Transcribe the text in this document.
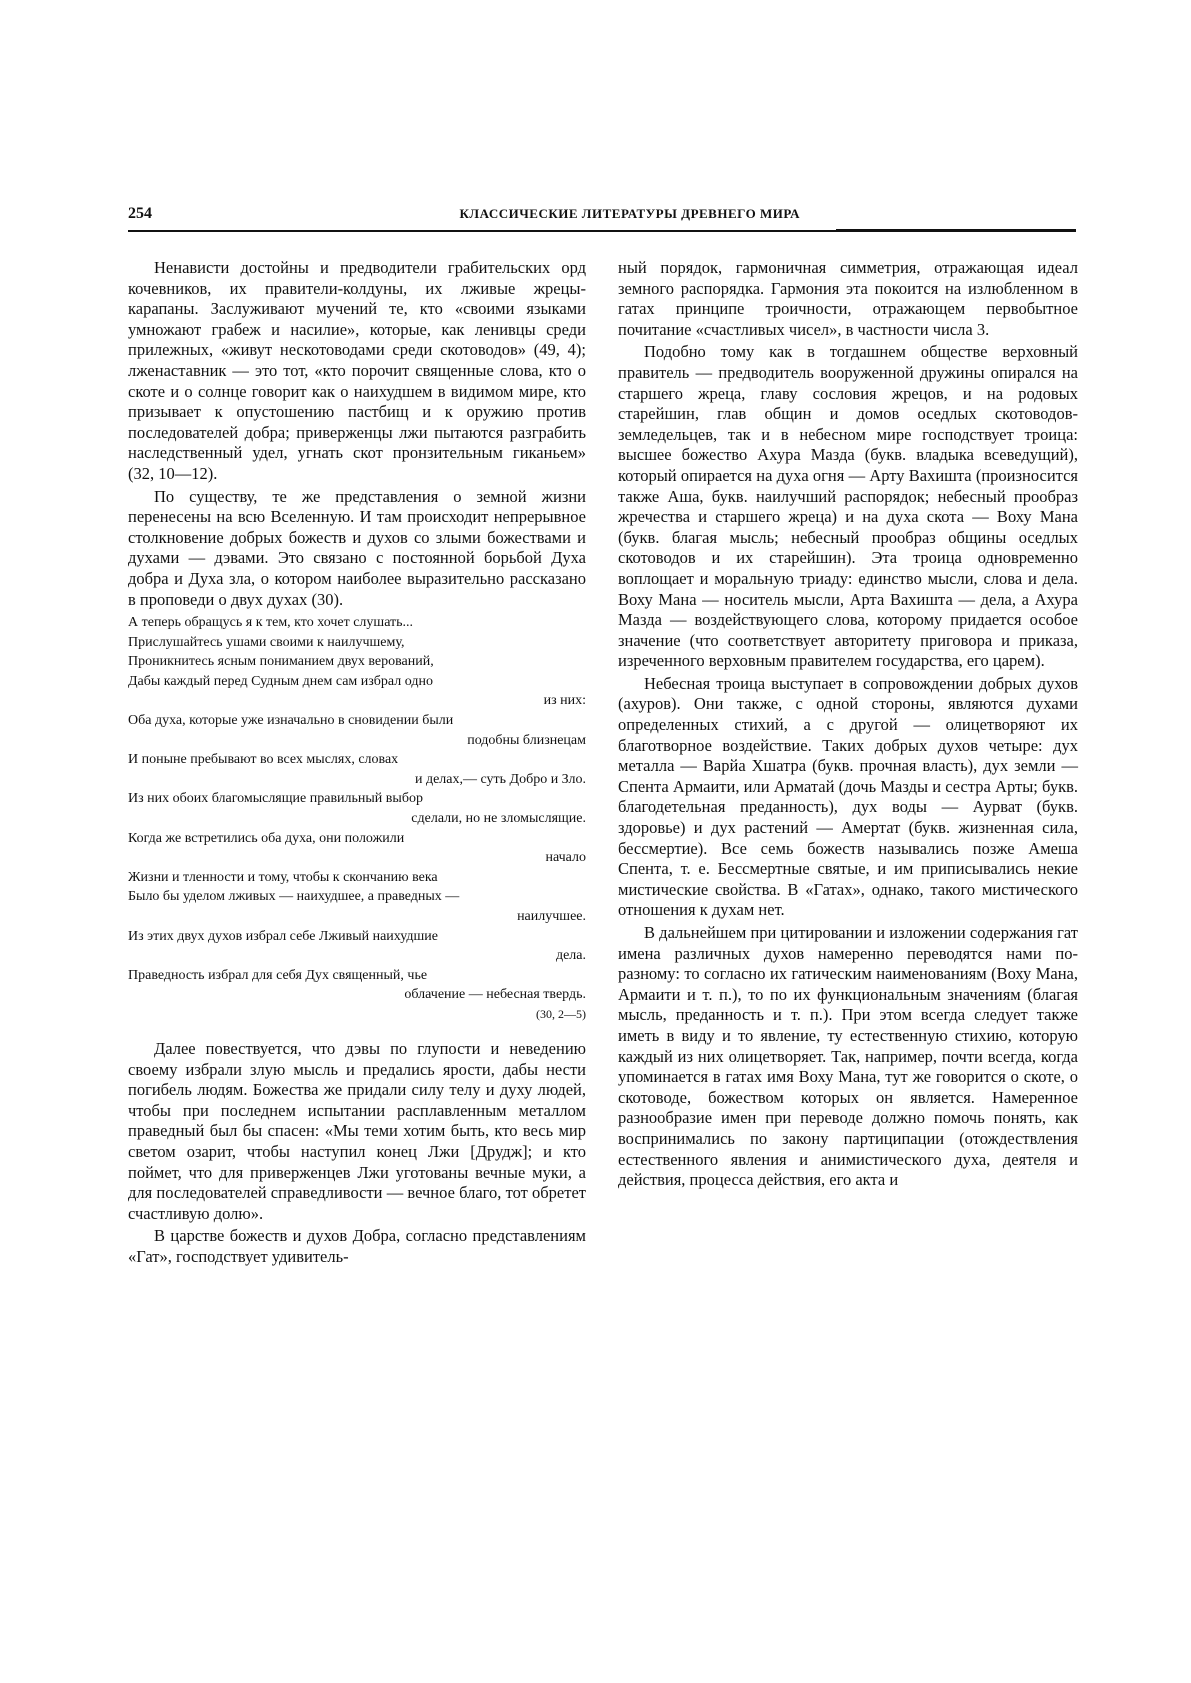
254	КЛАССИЧЕСКИЕ ЛИТЕРАТУРЫ ДРЕВНЕГО МИРА

Ненависти достойны и предводители грабительских орд кочевников, их правители-колдуны, их лживые жрецы-карапаны. Заслуживают мучений те, кто «своими языками умножают грабеж и насилие», которые, как ленивцы среди прилежных, «живут нескотоводами среди скотоводов» (49, 4); лженаставник — это тот, «кто порочит священные слова, кто о скоте и о солнце говорит как о наихудшем в видимом мире, кто призывает к опустошению пастбищ и к оружию против последователей добра; приверженцы лжи пытаются разграбить наследственный удел, угнать скот пронзительным гиканьем» (32, 10—12).

По существу, те же представления о земной жизни перенесены на всю Вселенную. И там происходит непрерывное столкновение добрых божеств и духов со злыми божествами и духами — дэвами. Это связано с постоянной борьбой Духа добра и Духа зла, о котором наиболее выразительно рассказано в проповеди о двух духах (30).

А теперь обращусь я к тем, кто хочет слушать...
Прислушайтесь ушами своими к наилучшему,
Проникнитесь ясным пониманием двух верований,
Дабы каждый перед Судным днем сам избрал одно
из них:
Оба духа, которые уже изначально в сновидении были
подобны близнецам
И поныне пребывают во всех мыслях, словах
и делах,— суть Добро и Зло.
Из них обоих благомыслящие правильный выбор
сделали, но не зломыслящие.
Когда же встретились оба духа, они положили
начало
Жизни и тленности и тому, чтобы к скончанию века
Было бы уделом лживых — наихудшее, а праведных —
наилучшее.
Из этих двух духов избрал себе Лживый наихудшие
дела.
Праведность избрал для себя Дух священный, чье
облачение — небесная твердь.
(30, 2—5)

Далее повествуется, что дэвы по глупости и неведению своему избрали злую мысль и предались ярости, дабы нести погибель людям. Божества же придали силу телу и духу людей, чтобы при последнем испытании расплавленным металлом праведный был бы спасен: «Мы теми хотим быть, кто весь мир светом озарит, чтобы наступил конец Лжи [Друдж]; и кто поймет, что для приверженцев Лжи уготованы вечные муки, а для последователей справедливости — вечное благо, тот обретет счастливую долю».

В царстве божеств и духов Добра, согласно представлениям «Гат», господствует удивитель-

ный порядок, гармоничная симметрия, отражающая идеал земного распорядка. Гармония эта покоится на излюбленном в гатах принципе троичности, отражающем первобытное почитание «счастливых чисел», в частности числа 3.

Подобно тому как в тогдашнем обществе верховный правитель — предводитель вооруженной дружины опирался на старшего жреца, главу сословия жрецов, и на родовых старейшин, глав общин и домов оседлых скотоводов-земледельцев, так и в небесном мире господствует троица: высшее божество Ахура Мазда (букв. владыка всеведущий), который опирается на духа огня — Арту Вахишта (произносится также Аша, букв. наилучший распорядок; небесный прообраз жречества и старшего жреца) и на духа скота — Воху Мана (букв. благая мысль; небесный прообраз общины оседлых скотоводов и их старейшин). Эта троица одновременно воплощает и моральную триаду: единство мысли, слова и дела. Воху Мана — носитель мысли, Арта Вахишта — дела, а Ахура Мазда — воздействующего слова, которому придается особое значение (что соответствует авторитету приговора и приказа, изреченного верховным правителем государства, его царем).

Небесная троица выступает в сопровождении добрых духов (ахуров). Они также, с одной стороны, являются духами определенных стихий, а с другой — олицетворяют их благотворное воздействие. Таких добрых духов четыре: дух металла — Варйа Хшатра (букв. прочная власть), дух земли — Спента Армаити, или Арматай (дочь Мазды и сестра Арты; букв. благодетельная преданность), дух воды — Аурват (букв. здоровье) и дух растений — Амертат (букв. жизненная сила, бессмертие). Все семь божеств назывались позже Амеша Спента, т. е. Бессмертные святые, и им приписывались некие мистические свойства. В «Гатах», однако, такого мистического отношения к духам нет.

В дальнейшем при цитировании и изложении содержания гат имена различных духов намеренно переводятся нами по-разному: то согласно их гатическим наименованиям (Воху Мана, Армаити и т. п.), то по их функциональным значениям (благая мысль, преданность и т. п.). При этом всегда следует также иметь в виду и то явление, ту естественную стихию, которую каждый из них олицетворяет. Так, например, почти всегда, когда упоминается в гатах имя Воху Мана, тут же говорится о скоте, о скотоводе, божеством которых он является. Намеренное разнообразие имен при переводе должно помочь понять, как воспринимались по закону партиципации (отождествления естественного явления и анимистического духа, деятеля и действия, процесса действия, его акта и
